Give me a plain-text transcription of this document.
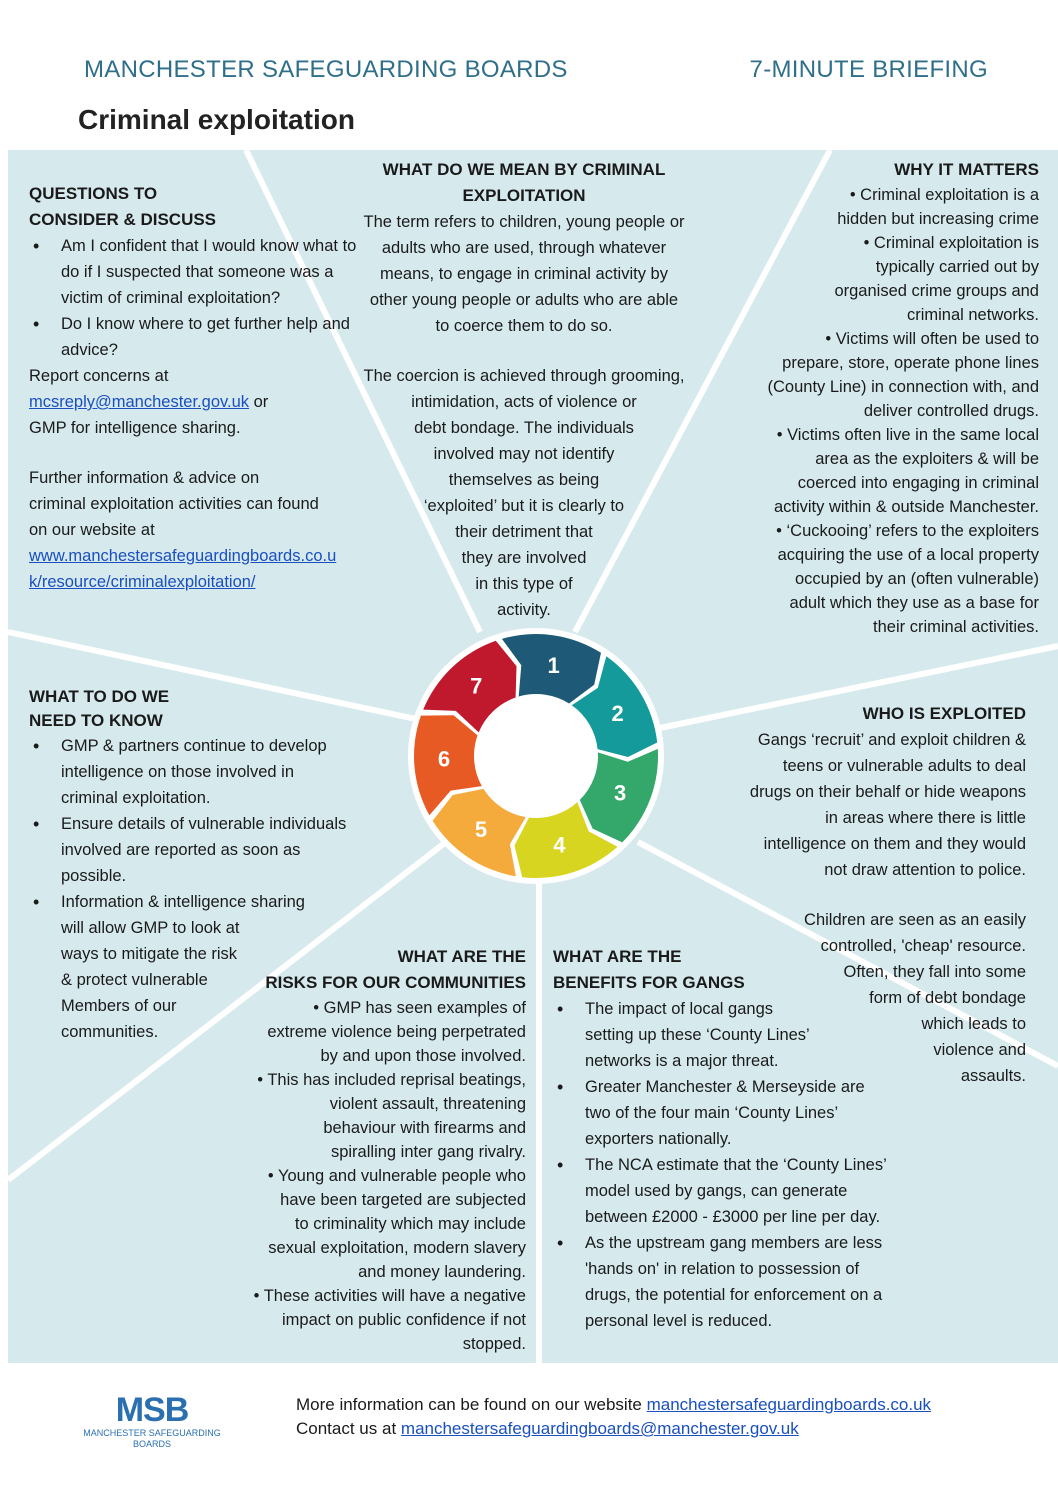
MANCHESTER SAFEGUARDING BOARDS	7-MINUTE BRIEFING
Criminal exploitation
1
2
3
4
5
6
7
QUESTIONS TO
CONSIDER & DISCUSS
• Am I confident that I would know what to do if I suspected that someone was a victim of criminal exploitation?
• Do I know where to get further help and advice?
Report concerns at
mcsreply@manchester.gov.uk or
GMP for intelligence sharing.
Further information & advice on criminal exploitation activities can found on our website at
www.manchestersafeguardingboards.co.uk/resource/criminalexploitation/
WHAT DO WE MEAN BY CRIMINAL
EXPLOITATION
The term refers to children, young people or
adults who are used, through whatever
means, to engage in criminal activity by
other young people or adults who are able
to coerce them to do so.
The coercion is achieved through grooming,
intimidation, acts of violence or
debt bondage. The individuals
involved may not identify
themselves as being
‘exploited’ but it is clearly to
their detriment that
they are involved
in this type of
activity.
WHY IT MATTERS
• Criminal exploitation is a
hidden but increasing crime
• Criminal exploitation is
typically carried out by
organised crime groups and
criminal networks.
• Victims will often be used to
prepare, store, operate phone lines
(County Line) in connection with, and
deliver controlled drugs.
• Victims often live in the same local
area as the exploiters & will be
coerced into engaging in criminal
activity within & outside Manchester.
• ‘Cuckooing’ refers to the exploiters
acquiring the use of a local property
occupied by an (often vulnerable)
adult which they use as a base for
their criminal activities.
WHAT TO DO WE
NEED TO KNOW
• GMP & partners continue to develop
intelligence on those involved in
criminal exploitation.
• Ensure details of vulnerable individuals
involved are reported as soon as
possible.
• Information & intelligence sharing
will allow GMP to look at
ways to mitigate the risk
& protect vulnerable
Members of our
communities.
WHO IS EXPLOITED
Gangs ‘recruit’ and exploit children &
teens or vulnerable adults to deal
drugs on their behalf or hide weapons
in areas where there is little
intelligence on them and they would
not draw attention to police.
Children are seen as an easily
controlled, 'cheap' resource.
Often, they fall into some
form of debt bondage
which leads to
violence and
assaults.
WHAT ARE THE
RISKS FOR OUR COMMUNITIES
• GMP has seen examples of
extreme violence being perpetrated
by and upon those involved.
• This has included reprisal beatings,
violent assault, threatening
behaviour with firearms and
spiralling inter gang rivalry.
• Young and vulnerable people who
have been targeted are subjected
to criminality which may include
sexual exploitation, modern slavery
and money laundering.
• These activities will have a negative
impact on public confidence if not
stopped.
WHAT ARE THE
BENEFITS FOR GANGS
• The impact of local gangs
setting up these ‘County Lines’
networks is a major threat.
• Greater Manchester & Merseyside are
two of the four main ‘County Lines’
exporters nationally.
• The NCA estimate that the ‘County Lines’
model used by gangs, can generate
between £2000 - £3000 per line per day.
• As the upstream gang members are less
'hands on' in relation to possession of
drugs, the potential for enforcement on a
personal level is reduced.
MSB
MANCHESTER SAFEGUARDING
BOARDS
More information can be found on our website manchestersafeguardingboards.co.uk
Contact us at manchestersafeguardingboards@manchester.gov.uk
